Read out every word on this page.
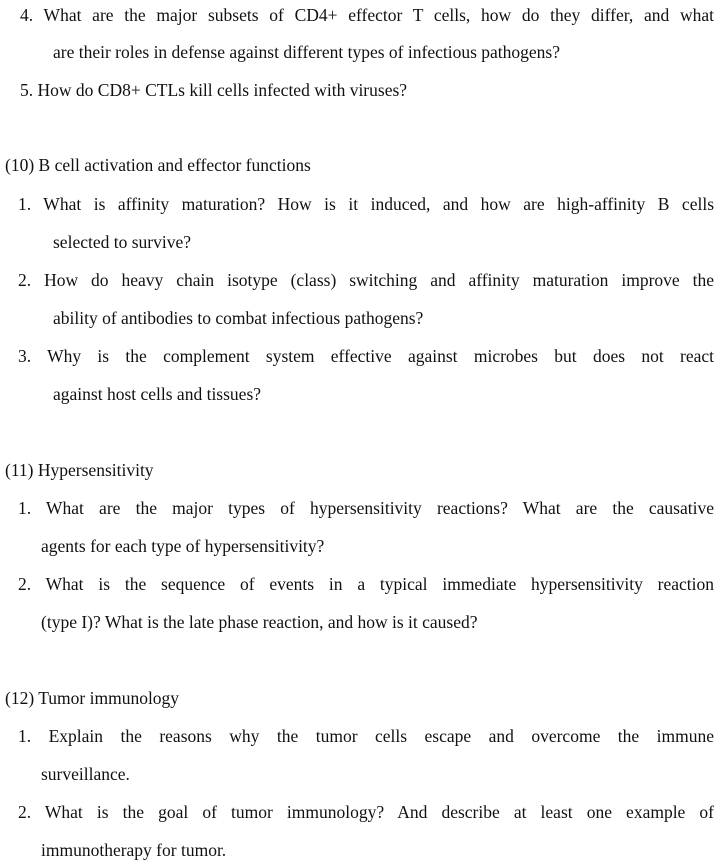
4. What are the major subsets of CD4+ effector T cells, how do they differ, and what
are their roles in defense against different types of infectious pathogens?
5. How do CD8+ CTLs kill cells infected with viruses?
(10) B cell activation and effector functions
1. What is affinity maturation? How is it induced, and how are high-affinity B cells
selected to survive?
2. How do heavy chain isotype (class) switching and affinity maturation improve the
ability of antibodies to combat infectious pathogens?
3. Why is the complement system effective against microbes but does not react
against host cells and tissues?
(11) Hypersensitivity
1. What are the major types of hypersensitivity reactions? What are the causative
agents for each type of hypersensitivity?
2. What is the sequence of events in a typical immediate hypersensitivity reaction
(type I)? What is the late phase reaction, and how is it caused?
(12) Tumor immunology
1. Explain the reasons why the tumor cells escape and overcome the immune
surveillance.
2. What is the goal of tumor immunology? And describe at least one example of
immunotherapy for tumor.
